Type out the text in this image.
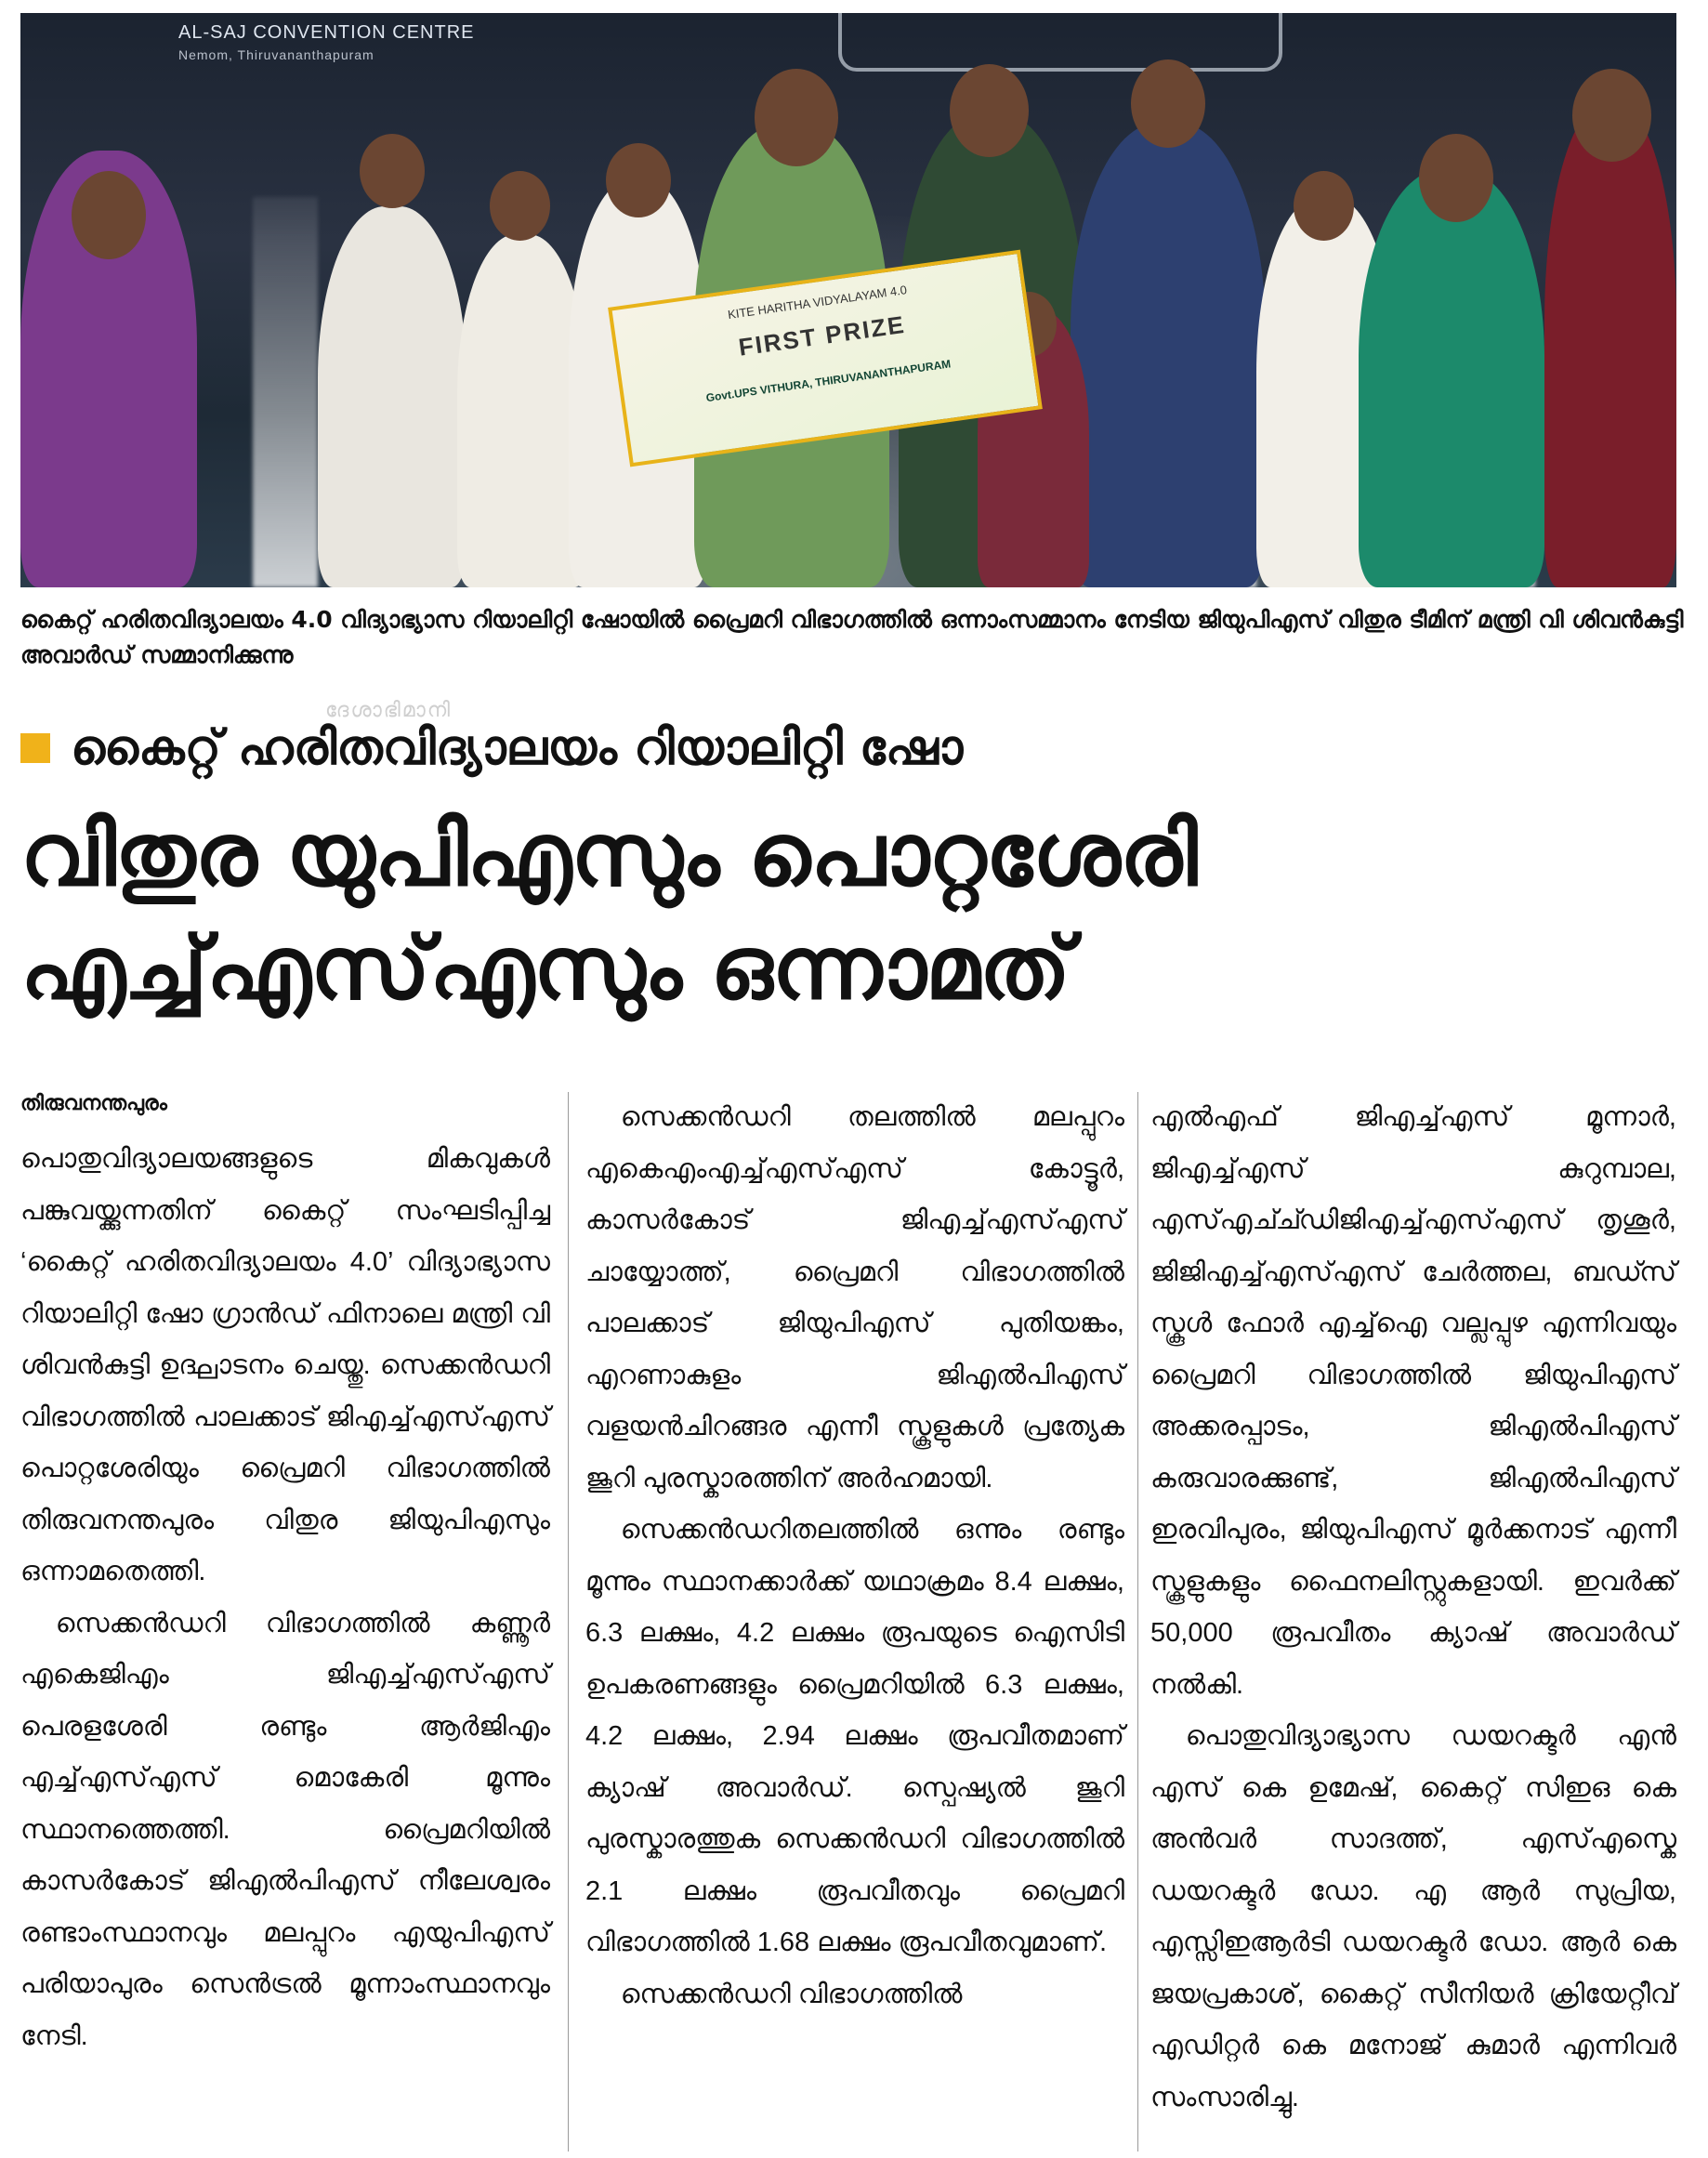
AL-SAJ CONVENTION CENTRE
Nemom, Thiruvananthapuram
KITE HARITHA VIDYALAYAM 4.0
FIRST PRIZE
Govt.UPS VITHURA, THIRUVANANTHAPURAM
കൈറ്റ് ഹരിതവിദ്യാലയം 4.0 വിദ്യാഭ്യാസ റിയാലിറ്റി ഷോയിൽ പ്രൈമറി വിഭാഗത്തിൽ ഒന്നാംസമ്മാനം നേടിയ ജിയുപിഎസ് വിതുര ടീമിന് മന്ത്രി വി ശിവൻകുട്ടി അവാർഡ് സമ്മാനിക്കുന്നു
ദേശാഭിമാനി
കൈറ്റ് ഹരിതവിദ്യാലയം റിയാലിറ്റി ഷോ
വിതുര യുപിഎസും പൊറ്റശേരി
എച്ച്എസ്എസും ഒന്നാമത്
തിരുവനന്തപുരം

പൊതുവിദ്യാലയങ്ങളുടെ മികവുകൾ പങ്കുവയ്ക്കുന്നതിന് കൈറ്റ് സംഘടിപ്പിച്ച ‘കൈറ്റ് ഹരിതവിദ്യാലയം 4.0’ വിദ്യാഭ്യാസ റിയാലിറ്റി ഷോ ഗ്രാൻഡ് ഫിനാലെ മന്ത്രി വി ശിവൻകുട്ടി ഉദ്ഘാടനം ചെയ്തു. സെക്കൻഡറി വിഭാഗത്തിൽ പാലക്കാട് ജിഎച്ച്എസ്എസ് പൊറ്റശേരിയും പ്രൈമറി വിഭാഗത്തിൽ തിരുവനന്തപുരം വിതുര ജിയുപിഎസും ഒന്നാമതെത്തി.

സെക്കൻഡറി വിഭാഗത്തിൽ കണ്ണൂർ എകെജിഎം ജിഎച്ച്എസ്എസ് പെരളശേരി രണ്ടും ആർജിഎം എച്ച്എസ്എസ് മൊകേരി മൂന്നും സ്ഥാനത്തെത്തി. പ്രൈമറിയിൽ കാസർകോട് ജിഎൽപിഎസ് നീലേശ്വരം രണ്ടാംസ്ഥാനവും മലപ്പുറം എയുപിഎസ് പരിയാപുരം സെൻട്രൽ മൂന്നാംസ്ഥാനവും നേടി.

സെക്കൻഡറി തലത്തിൽ മലപ്പുറം എകെഎംഎച്ച്എസ്എസ് കോട്ടൂർ, കാസർകോട് ജിഎച്ച്എസ്എസ് ചായ്യോത്ത്, പ്രൈമറി വിഭാഗത്തിൽ പാലക്കാട് ജിയുപിഎസ് പുതിയങ്കം, എറണാകുളം ജിഎൽപിഎസ് വളയൻചിറങ്ങര എന്നീ സ്കൂളുകൾ പ്രത്യേക ജൂറി പുരസ്കാരത്തിന് അർഹമായി.

സെക്കൻഡറിതലത്തിൽ ഒന്നും രണ്ടും മൂന്നും സ്ഥാനക്കാർക്ക് യഥാക്രമം 8.4 ലക്ഷം, 6.3 ലക്ഷം, 4.2 ലക്ഷം രൂപയുടെ ഐസിടി ഉപകരണങ്ങളും പ്രൈമറിയിൽ 6.3 ലക്ഷം, 4.2 ലക്ഷം, 2.94 ലക്ഷം രൂപവീതമാണ് ക്യാഷ് അവാർഡ്. സ്പെഷ്യൽ ജൂറി പുരസ്കാരത്തുക സെക്കൻഡറി വിഭാഗത്തിൽ 2.1 ലക്ഷം രൂപവീതവും പ്രൈമറി വിഭാഗത്തിൽ 1.68 ലക്ഷം രൂപവീതവുമാണ്.

സെക്കൻഡറി വിഭാഗത്തിൽ

എൽഎഫ് ജിഎച്ച്എസ് മൂന്നാർ, ജിഎച്ച്എസ് കുറുമ്പാല, എസ്എച്ച്ഡിജിഎച്ച്എസ്എസ് തൃശൂർ, ജിജിഎച്ച്എസ്എസ് ചേർത്തല, ബഡ്സ് സ്കൂൾ ഫോർ എച്ച്ഐ വല്ലപ്പുഴ എന്നിവയും പ്രൈമറി വിഭാഗത്തിൽ ജിയുപിഎസ് അക്കരപ്പാടം, ജിഎൽപിഎസ് കരുവാരക്കുണ്ട്, ജിഎൽപിഎസ് ഇരവിപുരം, ജിയുപിഎസ് മൂർക്കനാട് എന്നീ സ്കൂളുകളും ഫൈനലിസ്റ്റുകളായി. ഇവർക്ക് 50,000 രൂപവീതം ക്യാഷ് അവാർഡ് നൽകി.

പൊതുവിദ്യാഭ്യാസ ഡയറക്ടർ എൻ എസ് കെ ഉമേഷ്, കൈറ്റ് സിഇഒ കെ അൻവർ സാദത്ത്, എസ്എസ്കെ ഡയറക്ടർ ഡോ. എ ആർ സുപ്രിയ, എസ്സിഇആർടി ഡയറക്ടർ ഡോ. ആർ കെ ജയപ്രകാശ്, കൈറ്റ് സീനിയർ ക്രിയേറ്റീവ് എഡിറ്റർ കെ മനോജ് കുമാർ എന്നിവർ സംസാരിച്ചു.
